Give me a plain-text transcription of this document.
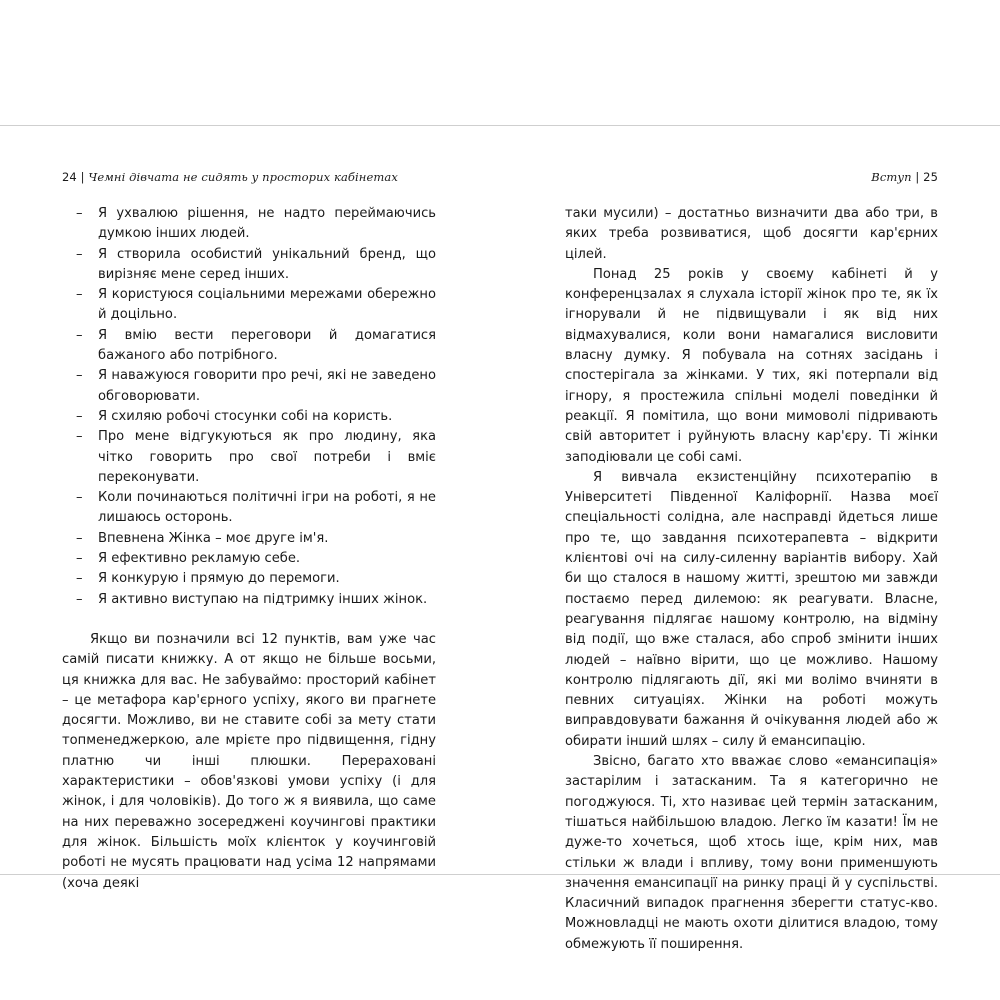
24 | Чемні дівчата не сидять у просторих кабінетах	Вступ | 25
–	Я ухвалюю рішення, не надто переймаючись думкою інших людей.
–	Я створила особистий унікальний бренд, що вирізняє мене серед інших.
–	Я користуюся соціальними мережами обережно й доцільно.
–	Я вмію вести переговори й домагатися бажаного або потрібного.
–	Я наважуюся говорити про речі, які не заведено обговорювати.
–	Я схиляю робочі стосунки собі на користь.
–	Про мене відгукуються як про людину, яка чітко говорить про свої потреби і вміє переконувати.
–	Коли починаються політичні ігри на роботі, я не лишаюсь осторонь.
–	Впевнена Жінка – моє друге ім'я.
–	Я ефективно рекламую себе.
–	Я конкурую і прямую до перемоги.
–	Я активно виступаю на підтримку інших жінок.
Якщо ви позначили всі 12 пунктів, вам уже час самій писати книжку. А от якщо не більше восьми, ця книжка для вас. Не забуваймо: просторий кабінет – це метафора кар'єрного успіху, якого ви прагнете досягти. Можливо, ви не ставите собі за мету стати топменеджеркою, але мрієте про підвищення, гідну платню чи інші плюшки. Перераховані характеристики – обов'язкові умови успіху (і для жінок, і для чоловіків). До того ж я виявила, що саме на них переважно зосереджені коучингові практики для жінок. Більшість моїх клієнток у коучинговій роботі не мусять працювати над усіма 12 напрямами (хоча деякі
таки мусили) – достатньо визначити два або три, в яких треба розвиватися, щоб досягти кар'єрних цілей.
Понад 25 років у своєму кабінеті й у конференцзалах я слухала історії жінок про те, як їх ігнорували й не підвищували і як від них відмахувалися, коли вони намагалися висловити власну думку. Я побувала на сотнях засідань і спостерігала за жінками. У тих, які потерпали від ігнору, я простежила спільні моделі поведінки й реакції. Я помітила, що вони мимоволі підривають свій авторитет і руйнують власну кар'єру. Ті жінки заподіювали це собі самі.
Я вивчала екзистенційну психотерапію в Університеті Південної Каліфорнії. Назва моєї спеціальності солідна, але насправді йдеться лише про те, що завдання психотерапевта – відкрити клієнтові очі на силу-силенну варіантів вибору. Хай би що сталося в нашому житті, зрештою ми завжди постаємо перед дилемою: як реагувати. Власне, реагування підлягає нашому контролю, на відміну від події, що вже сталася, або спроб змінити інших людей – наївно вірити, що це можливо. Нашому контролю підлягають дії, які ми волімо вчиняти в певних ситуаціях. Жінки на роботі можуть виправдовувати бажання й очікування людей або ж обирати інший шлях – силу й емансипацію.
Звісно, багато хто вважає слово «емансипація» застарілим і затасканим. Та я категорично не погоджуюся. Ті, хто називає цей термін затасканим, тішаться найбільшою владою. Легко їм казати! Їм не дуже-то хочеться, щоб хтось іще, крім них, мав стільки ж влади і впливу, тому вони применшують значення емансипації на ринку праці й у суспільстві. Класичний випадок прагнення зберегти статус-кво. Можновладці не мають охоти ділитися владою, тому обмежують її поширення.
